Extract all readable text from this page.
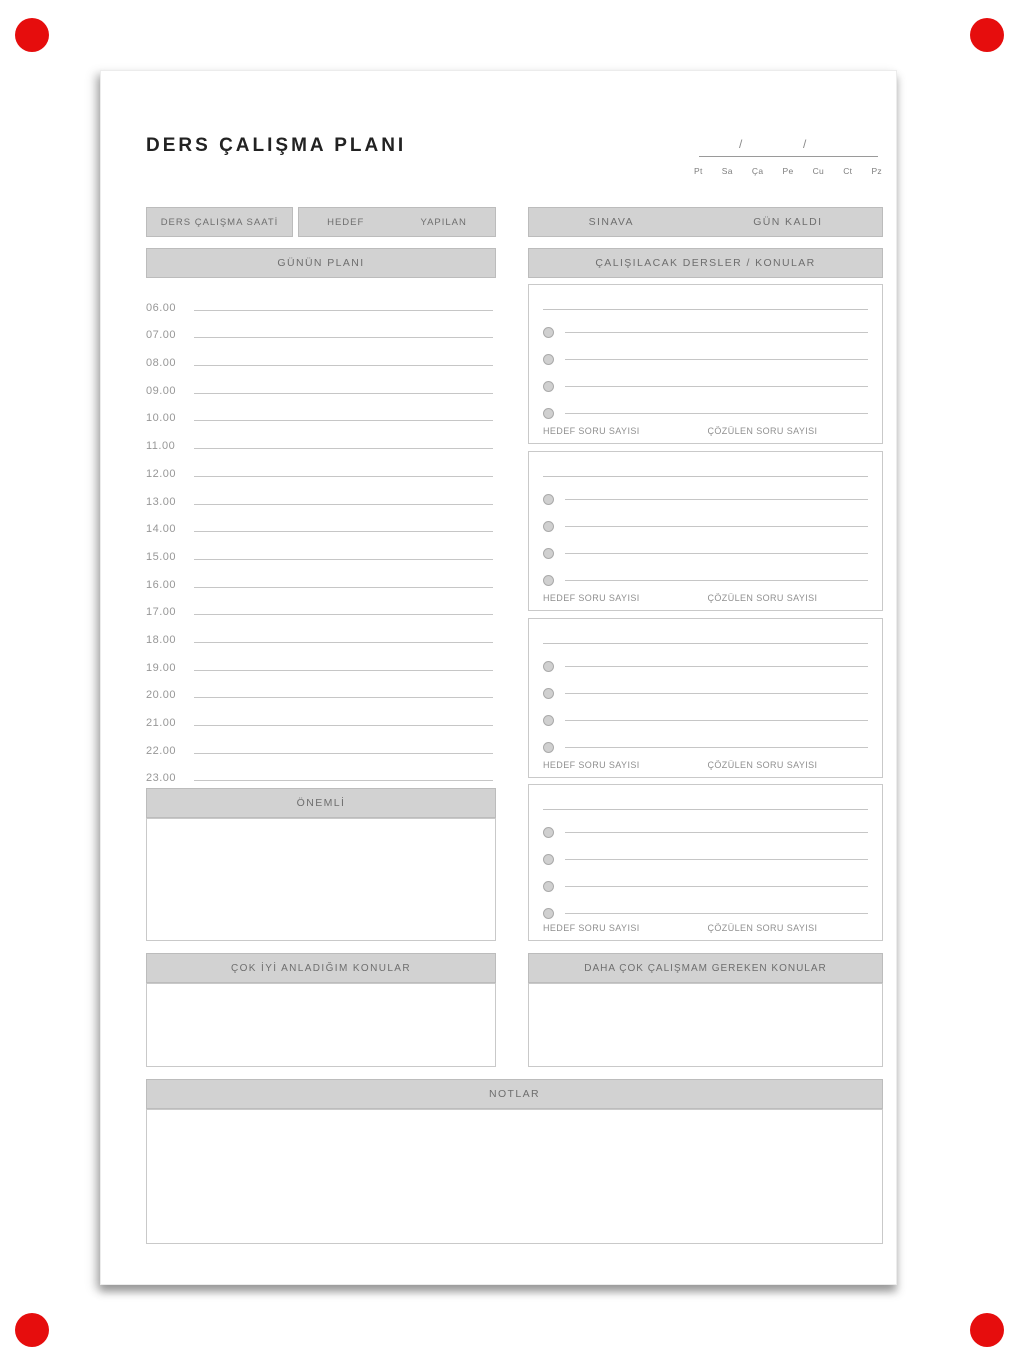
DERS ÇALIŞMA PLANI	/	/
Pt Sa Ça Pe Cu Ct Pz
DERS ÇALIŞMA SAATİ	HEDEF	YAPILAN	SINAVA	GÜN KALDI
GÜNÜN PLANI	ÇALIŞILACAK DERSLER / KONULAR
06.00
07.00
08.00
09.00
10.00
11.00
12.00
13.00
14.00
15.00
16.00
17.00
18.00
19.00
20.00
21.00
22.00
23.00
ÖNEMLİ
HEDEF SORU SAYISI	ÇÖZÜLEN SORU SAYISI
HEDEF SORU SAYISI	ÇÖZÜLEN SORU SAYISI
HEDEF SORU SAYISI	ÇÖZÜLEN SORU SAYISI
HEDEF SORU SAYISI	ÇÖZÜLEN SORU SAYISI
ÇOK İYİ ANLADIĞIM KONULAR	DAHA ÇOK ÇALIŞMAM GEREKEN KONULAR
NOTLAR
